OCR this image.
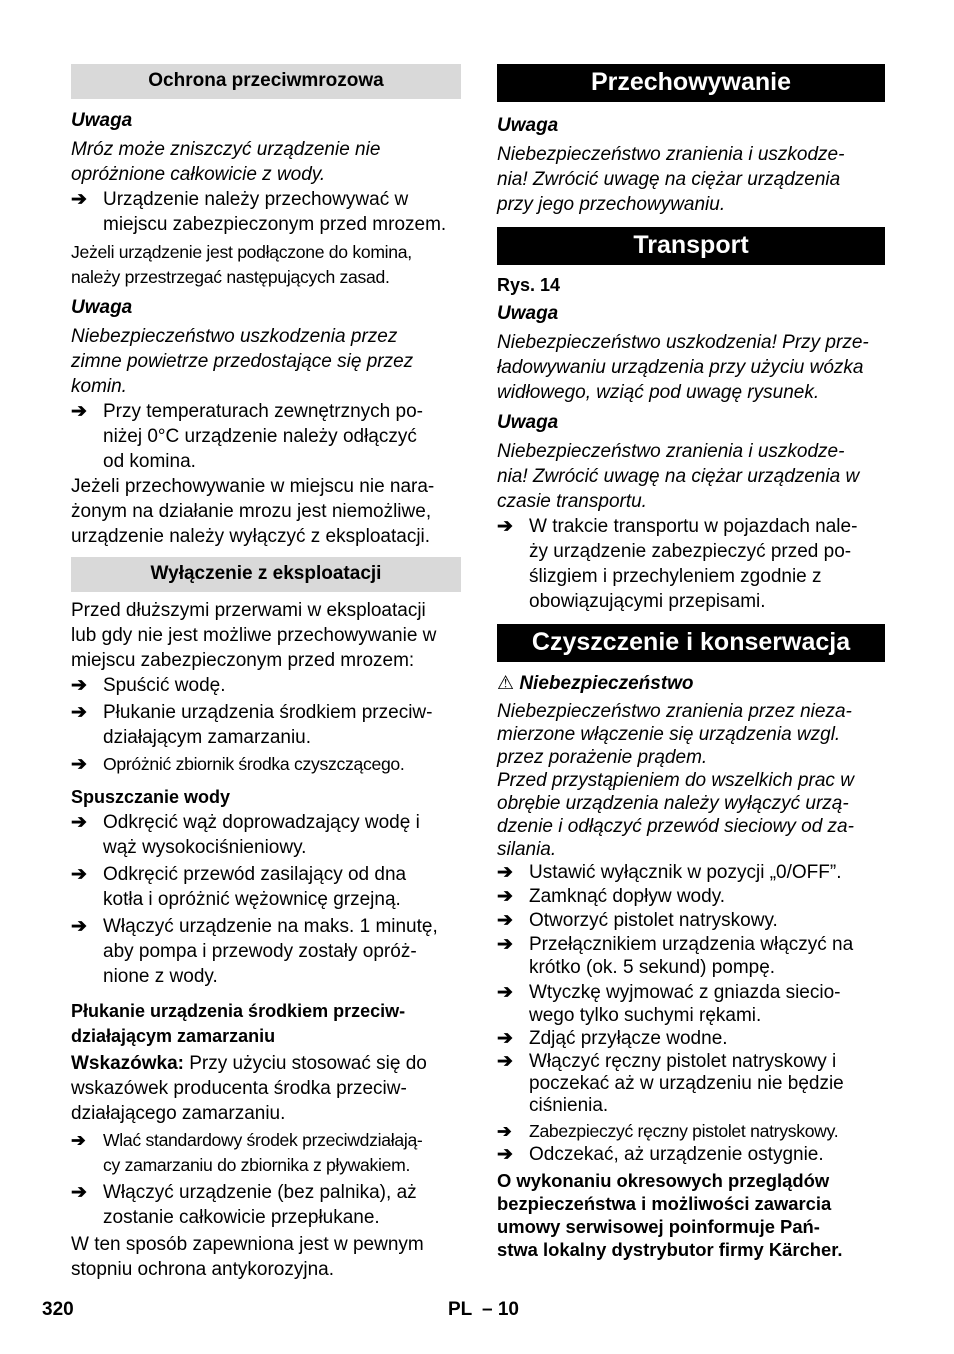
Ochrona przeciwmrozowa
Uwaga
Mróz może zniszczyć urządzenie nie
opróżnione całkowicie z wody.
➔ Urządzenie należy przechowywać w
miejscu zabezpieczonym przed mrozem.
Jeżeli urządzenie jest podłączone do komina,
należy przestrzegać następujących zasad.
Uwaga
Niebezpieczeństwo uszkodzenia przez
zimne powietrze przedostające się przez
komin.
➔ Przy temperaturach zewnętrznych po-
niżej 0°C urządzenie należy odłączyć
od komina.
Jeżeli przechowywanie w miejscu nie nara-
żonym na działanie mrozu jest niemożliwe,
urządzenie należy wyłączyć z eksploatacji.
Wyłączenie z eksploatacji
Przed dłuższymi przerwami w eksploatacji
lub gdy nie jest możliwe przechowywanie w
miejscu zabezpieczonym przed mrozem:
➔ Spuścić wodę.
➔ Płukanie urządzenia środkiem przeciw-
działającym zamarzaniu.
➔ Opróżnić zbiornik środka czyszczącego.
Spuszczanie wody
➔ Odkręcić wąż doprowadzający wodę i
wąż wysokociśnieniowy.
➔ Odkręcić przewód zasilający od dna
kotła i opróżnić wężownicę grzejną.
➔ Włączyć urządzenie na maks. 1 minutę,
aby pompa i przewody zostały opróż-
nione z wody.
Płukanie urządzenia środkiem przeciw-
działającym zamarzaniu
Wskazówka: Przy użyciu stosować się do
wskazówek producenta środka przeciw-
działającego zamarzaniu.
➔ Wlać standardowy środek przeciwdziałają-
cy zamarzaniu do zbiornika z pływakiem.
➔ Włączyć urządzenie (bez palnika), aż
zostanie całkowicie przepłukane.
W ten sposób zapewniona jest w pewnym
stopniu ochrona antykorozyjna.
Przechowywanie
Uwaga
Niebezpieczeństwo zranienia i uszkodze-
nia! Zwrócić uwagę na ciężar urządzenia
przy jego przechowywaniu.
Transport
Rys. 14
Uwaga
Niebezpieczeństwo uszkodzenia! Przy prze-
ładowywaniu urządzenia przy użyciu wózka
widłowego, wziąć pod uwagę rysunek.
Uwaga
Niebezpieczeństwo zranienia i uszkodze-
nia! Zwrócić uwagę na ciężar urządzenia w
czasie transportu.
➔ W trakcie transportu w pojazdach nale-
ży urządzenie zabezpieczyć przed po-
ślizgiem i przechyleniem zgodnie z
obowiązującymi przepisami.
Czyszczenie i konserwacja
⚠ Niebezpieczeństwo
Niebezpieczeństwo zranienia przez nieza-
mierzone włączenie się urządzenia wzgl.
przez porażenie prądem.
Przed przystąpieniem do wszelkich prac w
obrębie urządzenia należy wyłączyć urzą-
dzenie i odłączyć przewód sieciowy od za-
silania.
➔ Ustawić wyłącznik w pozycji „0/OFF”.
➔ Zamknąć dopływ wody.
➔ Otworzyć pistolet natryskowy.
➔ Przełącznikiem urządzenia włączyć na
krótko (ok. 5 sekund) pompę.
➔ Wtyczkę wyjmować z gniazda siecio-
wego tylko suchymi rękami.
➔ Zdjąć przyłącze wodne.
➔ Włączyć ręczny pistolet natryskowy i
poczekać aż w urządzeniu nie będzie
ciśnienia.
➔ Zabezpieczyć ręczny pistolet natryskowy.
➔ Odczekać, aż urządzenie ostygnie.
O wykonaniu okresowych przeglądów
bezpieczeństwa i możliwości zawarcia
umowy serwisowej poinformuje Pań-
stwa lokalny dystrybutor firmy Kärcher.
320	PL – 10
